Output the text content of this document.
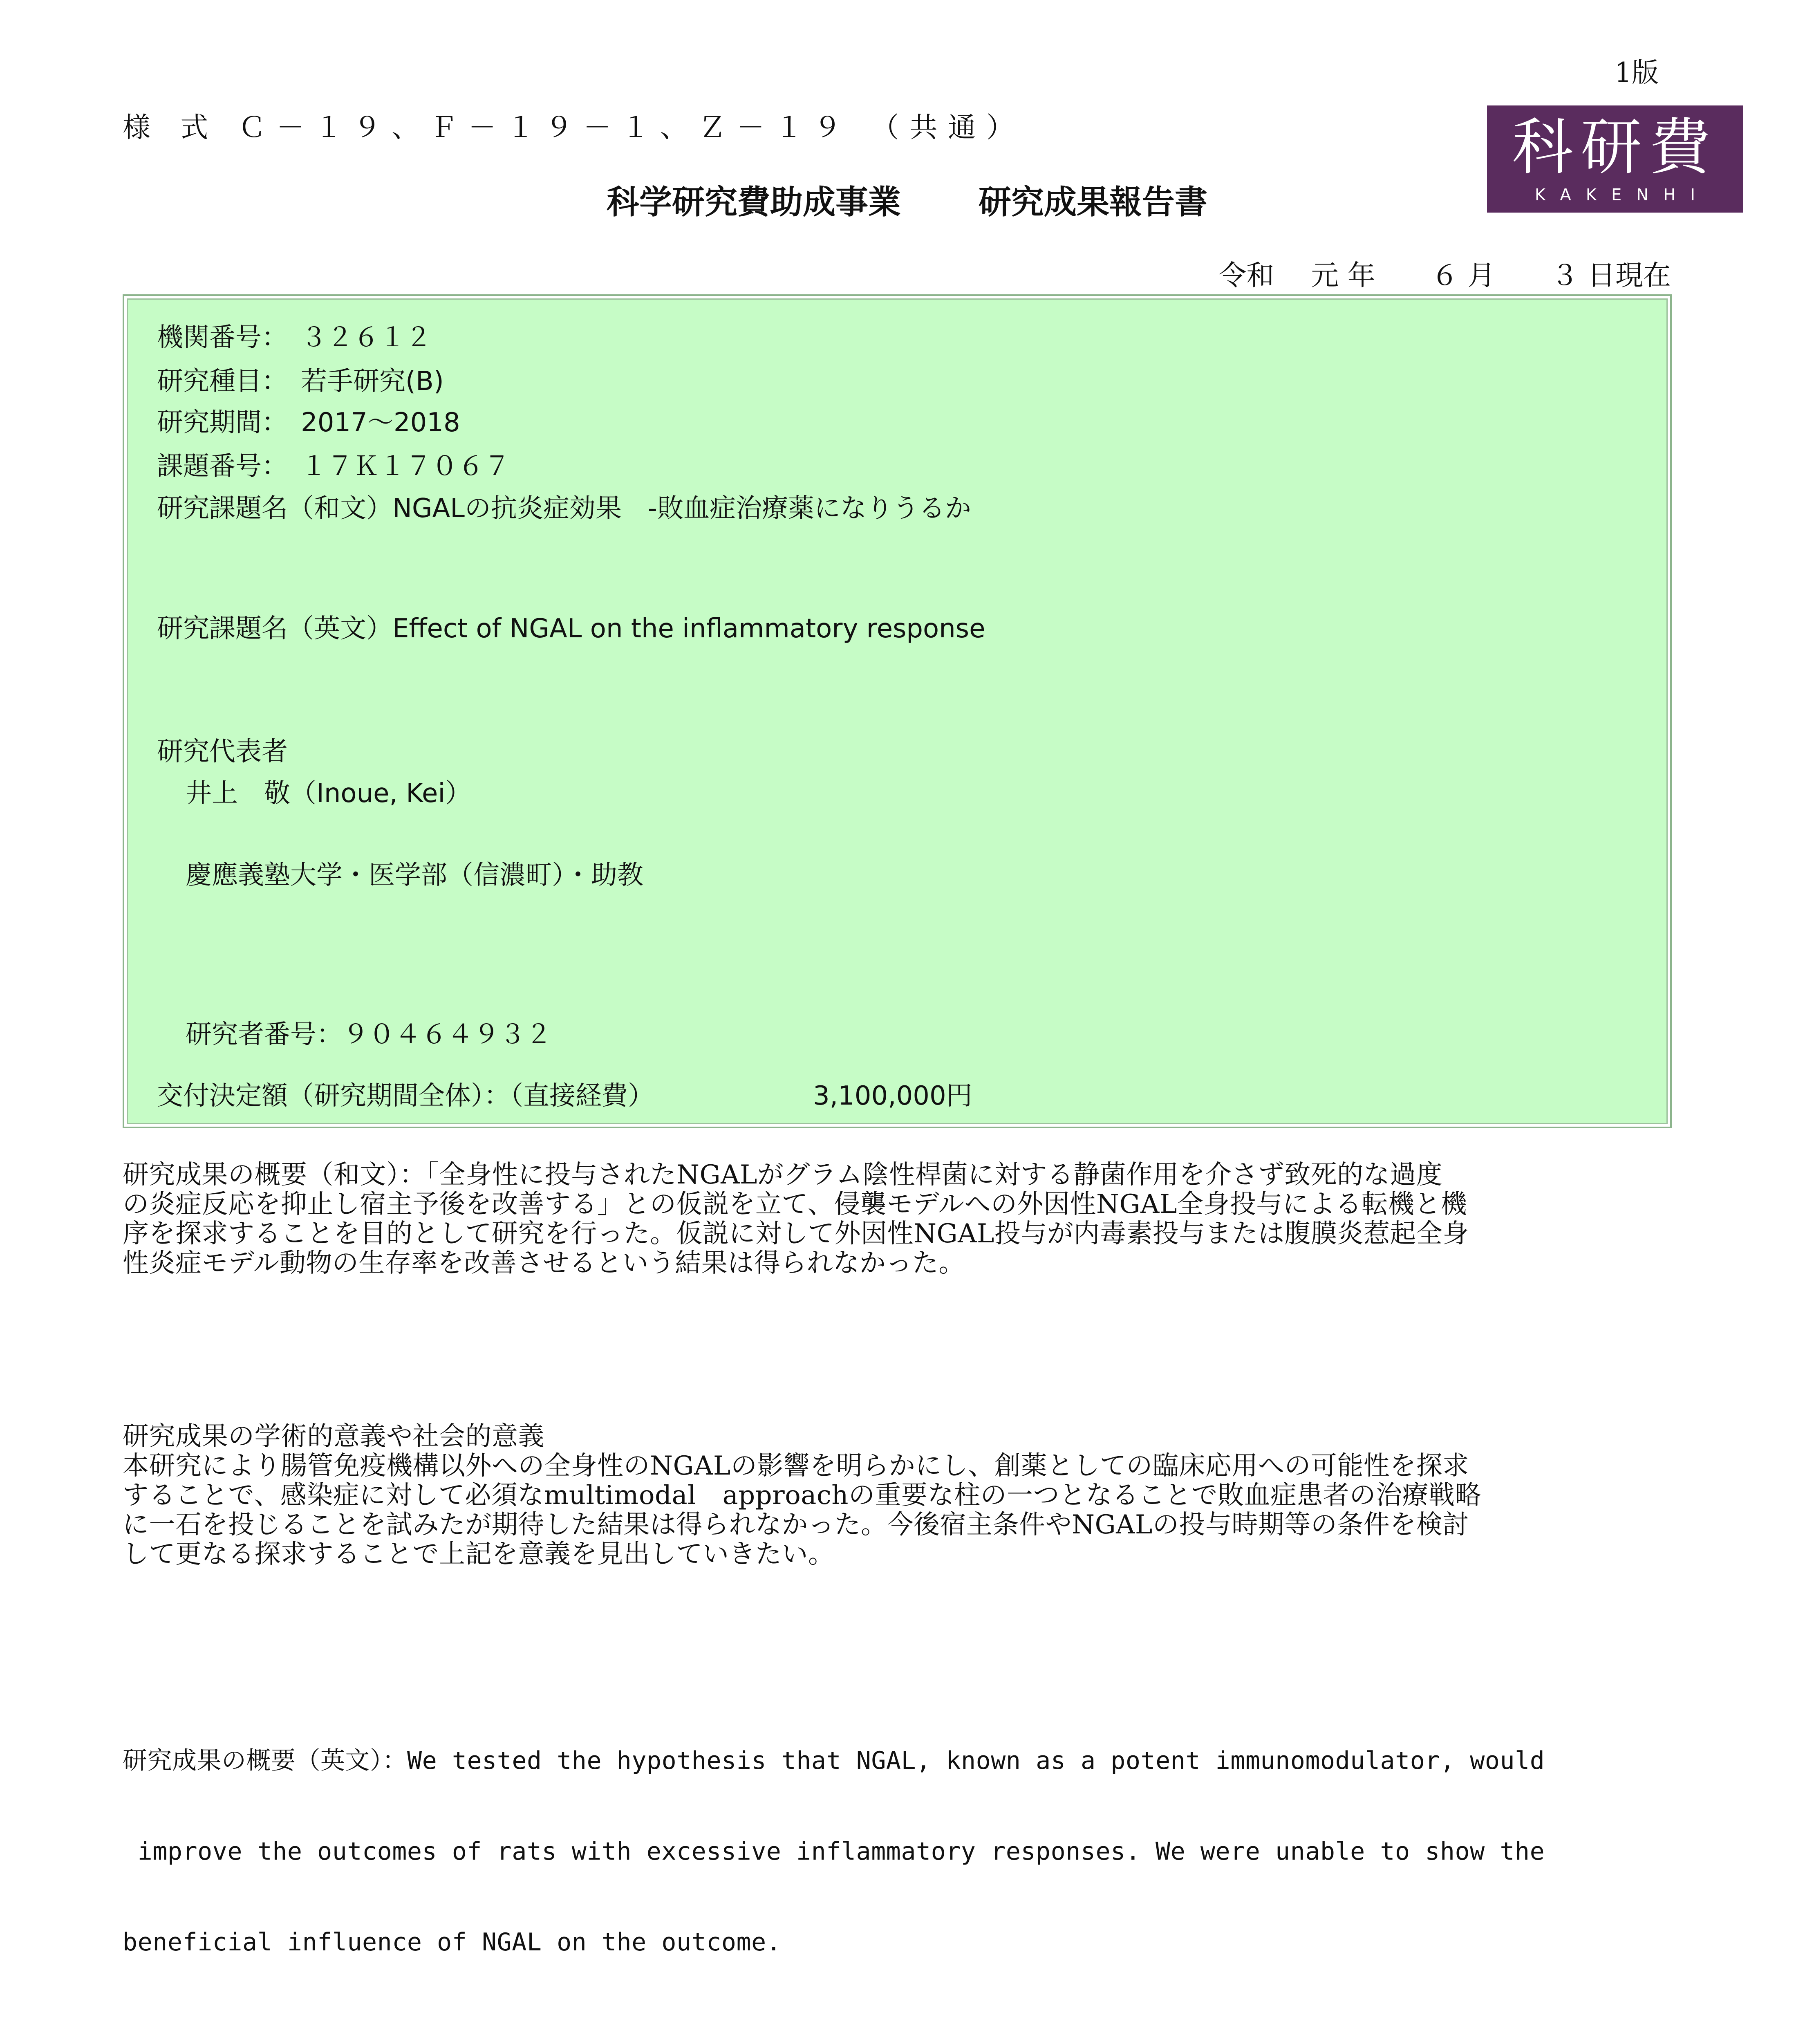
1版
様 式 Ｃ－１９、Ｆ－１９－１、Ｚ－１９ （共通）
科学研究費助成事業 研究成果報告書
科研費
KAKENHI
令和　 元 年　　６ 月　　３ 日現在
機関番号：　３２６１２
研究種目：　若手研究(B)
研究期間：　2017～2018
課題番号：　１７Ｋ１７０６７
研究課題名（和文）NGALの抗炎症効果　-敗血症治療薬になりうるか
研究課題名（英文）Effect of NGAL on the inflammatory response
研究代表者
井上　敬（Inoue, Kei）
慶應義塾大学・医学部（信濃町）・助教
研究者番号：９０４６４９３２
交付決定額（研究期間全体）：（直接経費）	3,100,000円
研究成果の概要（和文）：「全身性に投与されたNGALがグラム陰性桿菌に対する静菌作用を介さず致死的な過度
の炎症反応を抑止し宿主予後を改善する」との仮説を立て、侵襲モデルへの外因性NGAL全身投与による転機と機
序を探求することを目的として研究を行った。仮説に対して外因性NGAL投与が内毒素投与または腹膜炎惹起全身
性炎症モデル動物の生存率を改善させるという結果は得られなかった。
研究成果の学術的意義や社会的意義
本研究により腸管免疫機構以外への全身性のNGALの影響を明らかにし、創薬としての臨床応用への可能性を探求
することで、感染症に対して必須なmultimodal　approachの重要な柱の一つとなることで敗血症患者の治療戦略
に一石を投じることを試みたが期待した結果は得られなかった。今後宿主条件やNGALの投与時期等の条件を検討
して更なる探求することで上記を意義を見出していきたい。

研究成果の概要（英文）：We tested the hypothesis that NGAL, known as a potent immunomodulator, would

improve the outcomes of rats with excessive inflammatory responses. We were unable to show the

beneficial influence of NGAL on the outcome.
